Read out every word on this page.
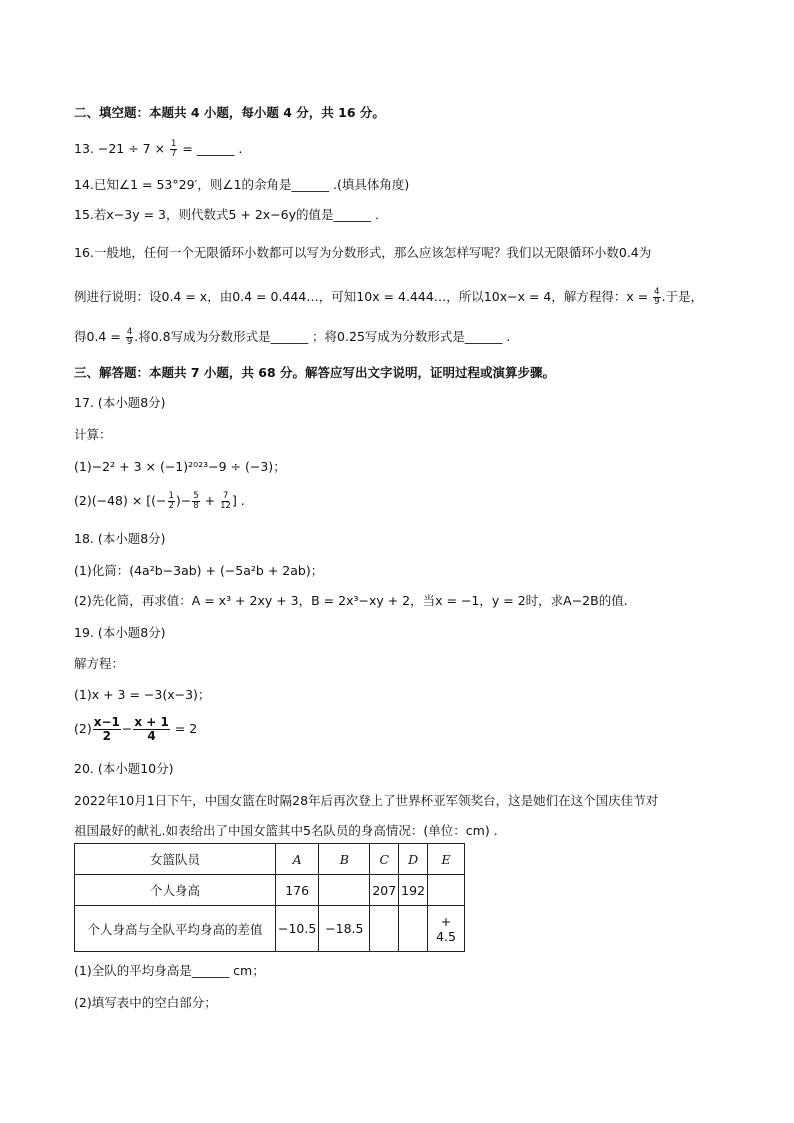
二、填空题：本题共 4 小题，每小题 4 分，共 16 分。
13. $-21 \div 7 \times \frac{1}{7}$ = ______ .
14.已知∠1 = 53°29′，则∠1的余角是______ .(填具体角度)
15.若x−3y = 3，则代数式5 + 2x−6y的值是______ .
16.一般地，任何一个无限循环小数都可以写为分数形式，那么应该怎样写呢？我们以无限循环小数0.4̇为
例进行说明：设0.4̇ = x，由0.4̇ = 0.444…，可知10x = 4.444…，所以10x−x = 4，解方程得：$x = \frac{4}{9}$ .于是，
得0.4̇ = $\frac{4}{9}$ .将0.8̇写成为分数形式是______ ；将0.2̇5̇写成为分数形式是______ .
三、解答题：本题共 7 小题，共 68 分。解答应写出文字说明，证明过程或演算步骤。
17. (本小题8分)
计算：
(1)−2² + 3 × (−1)²⁰²³−9 ÷ (−3)；
(2)(−48) × [(− $\frac{1}{2}$ )− $\frac{5}{8} + \frac{7}{12}$ ] .
18. (本小题8分)
(1)化简：(4a²b−3ab) + (−5a²b + 2ab)；
(2)先化简，再求值：A = x³ + 2xy + 3，B = 2x³−xy + 2，当x = −1，y = 2时，求A−2B的值.
19. (本小题8分)
解方程：
(1)x + 3 = −3(x−3)；
$(2) \frac{x-1}{2} - \frac{x + 1}{4} = 2$
20. (本小题10分)
2022年10月1日下午，中国女篮在时隔28年后再次登上了世界杯亚军领奖台，这是她们在这个国庆佳节对
祖国最好的献礼.如表给出了中国女篮其中5名队员的身高情况：(单位：cm) .
女篮队员	A	B	C	D	E
个人身高	176		207	192	
个人身高与全队平均身高的差值	−10.5	−18.5			+
4.5
(1)全队的平均身高是______ cm；
(2)填写表中的空白部分；
